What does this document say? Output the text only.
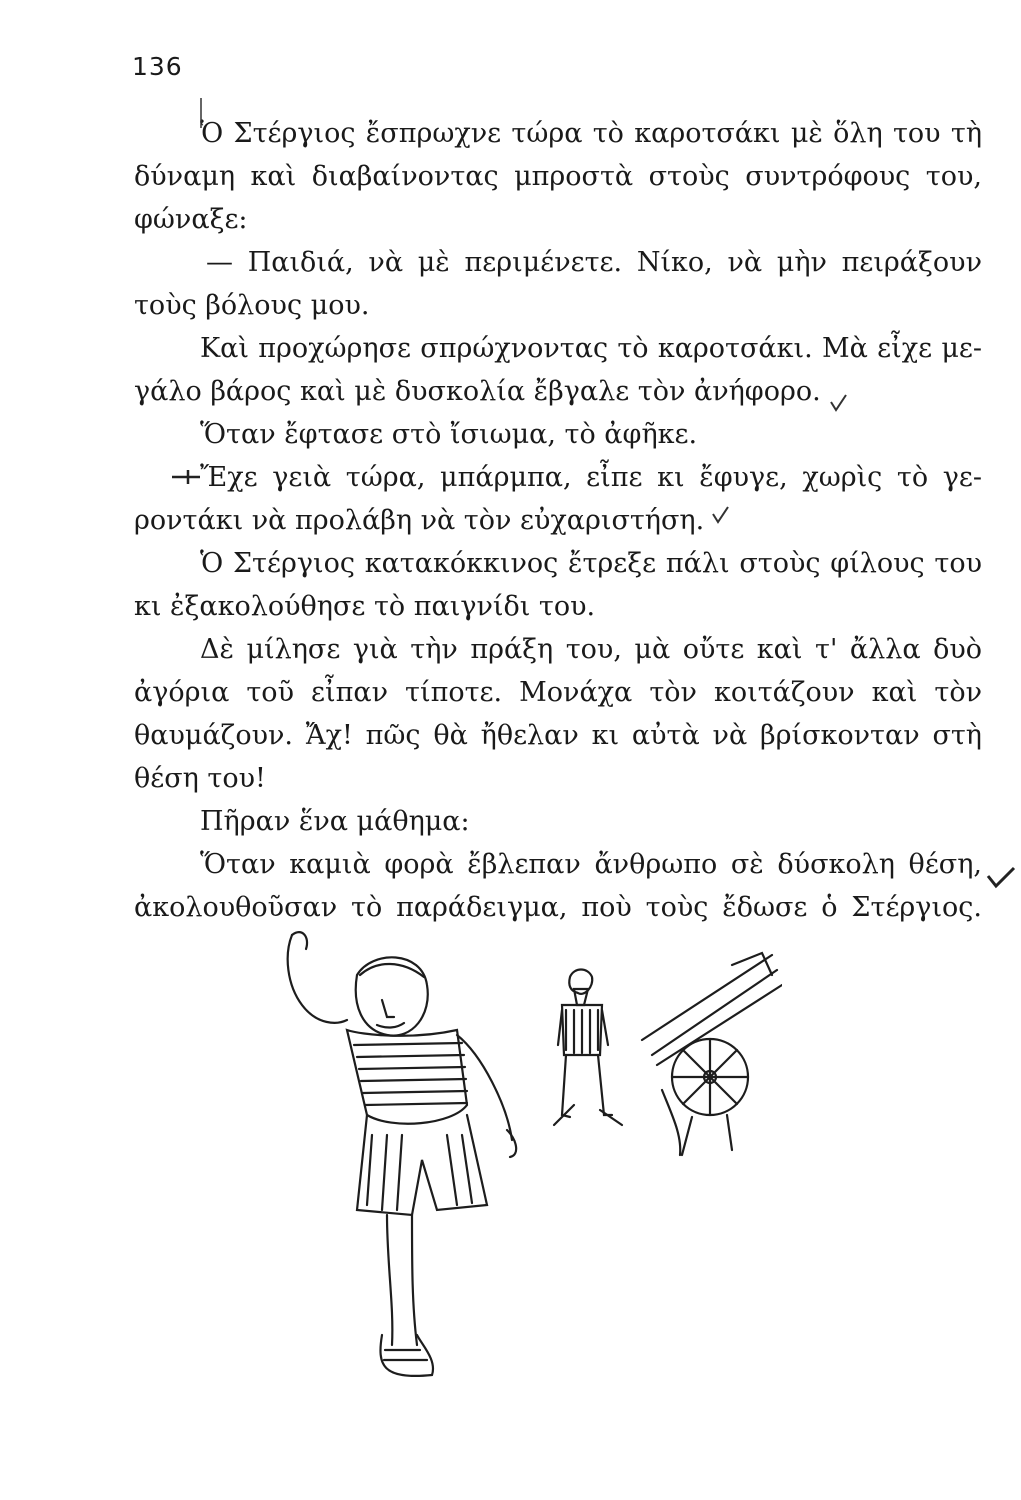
136
Ὁ Στέργιος ἔσπρωχνε τώρα τὸ καροτσάκι μὲ ὅλη του τὴ
δύναμη καὶ διαβαίνοντας μπροστὰ στοὺς συντρόφους του,
φώναξε:
— Παιδιά, νὰ μὲ περιμένετε. Νίκο, νὰ μὴν πειράξουν
τοὺς βόλους μου.
Καὶ προχώρησε σπρώχνοντας τὸ καροτσάκι. Μὰ εἶχε με-
γάλο βάρος καὶ μὲ δυσκολία ἔβγαλε τὸν ἀνήφορο.
Ὅταν ἔφτασε στὸ ἴσιωμα, τὸ ἀφῆκε.
Ἔχε γειὰ τώρα, μπάρμπα, εἶπε κι ἔφυγε, χωρὶς τὸ γε-
ροντάκι νὰ προλάβη νὰ τὸν εὐχαριστήση.
Ὁ Στέργιος κατακόκκινος ἔτρεξε πάλι στοὺς φίλους του
κι ἐξακολούθησε τὸ παιγνίδι του.
Δὲ μίλησε γιὰ τὴν πράξη του, μὰ οὔτε καὶ τ' ἄλλα δυὸ
ἀγόρια τοῦ εἶπαν τίποτε. Μονάχα τὸν κοιτάζουν καὶ τὸν
θαυμάζουν. Ἄχ! πῶς θὰ ἤθελαν κι αὐτὰ νὰ βρίσκονταν στὴ
θέση του!
Πῆραν ἕνα μάθημα:
Ὅταν καμιὰ φορὰ ἔβλεπαν ἄνθρωπο σὲ δύσκολη θέση,
ἀκολουθοῦσαν τὸ παράδειγμα, ποὺ τοὺς ἔδωσε ὁ Στέργιος.
